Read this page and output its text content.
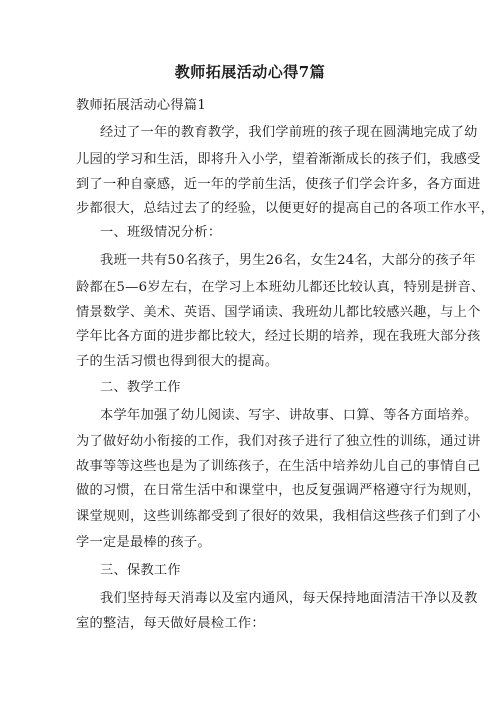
教师拓展活动心得7篇
教师拓展活动心得篇1
经过了一年的教育教学，我们学前班的孩子现在圆满地完成了幼
儿园的学习和生活，即将升入小学，望着渐渐成长的孩子们，我感受
到了一种自豪感，近一年的学前生活，使孩子们学会许多，各方面进
步都很大，总结过去了的经验，以便更好的提高自己的各项工作水平，
一、班级情况分析：
我班一共有50名孩子，男生26名，女生24名，大部分的孩子年
龄都在5—6岁左右，在学习上本班幼儿都还比较认真，特别是拼音、
情景数学、美术、英语、国学诵读、我班幼儿都比较感兴趣，与上个
学年比各方面的进步都比较大，经过长期的培养，现在我班大部分孩
子的生活习惯也得到很大的提高。
二、教学工作
本学年加强了幼儿阅读、写字、讲故事、口算、等各方面培养。
为了做好幼小衔接的工作，我们对孩子进行了独立性的训练，通过讲
故事等等这些也是为了训练孩子，在生活中培养幼儿自己的事情自己
做的习惯，在日常生活中和课堂中，也反复强调严格遵守行为规则，
课堂规则，这些训练都受到了很好的效果，我相信这些孩子们到了小
学一定是最棒的孩子。
三、保教工作
我们坚持每天消毒以及室内通风，每天保持地面清洁干净以及教
室的整洁，每天做好晨检工作：
